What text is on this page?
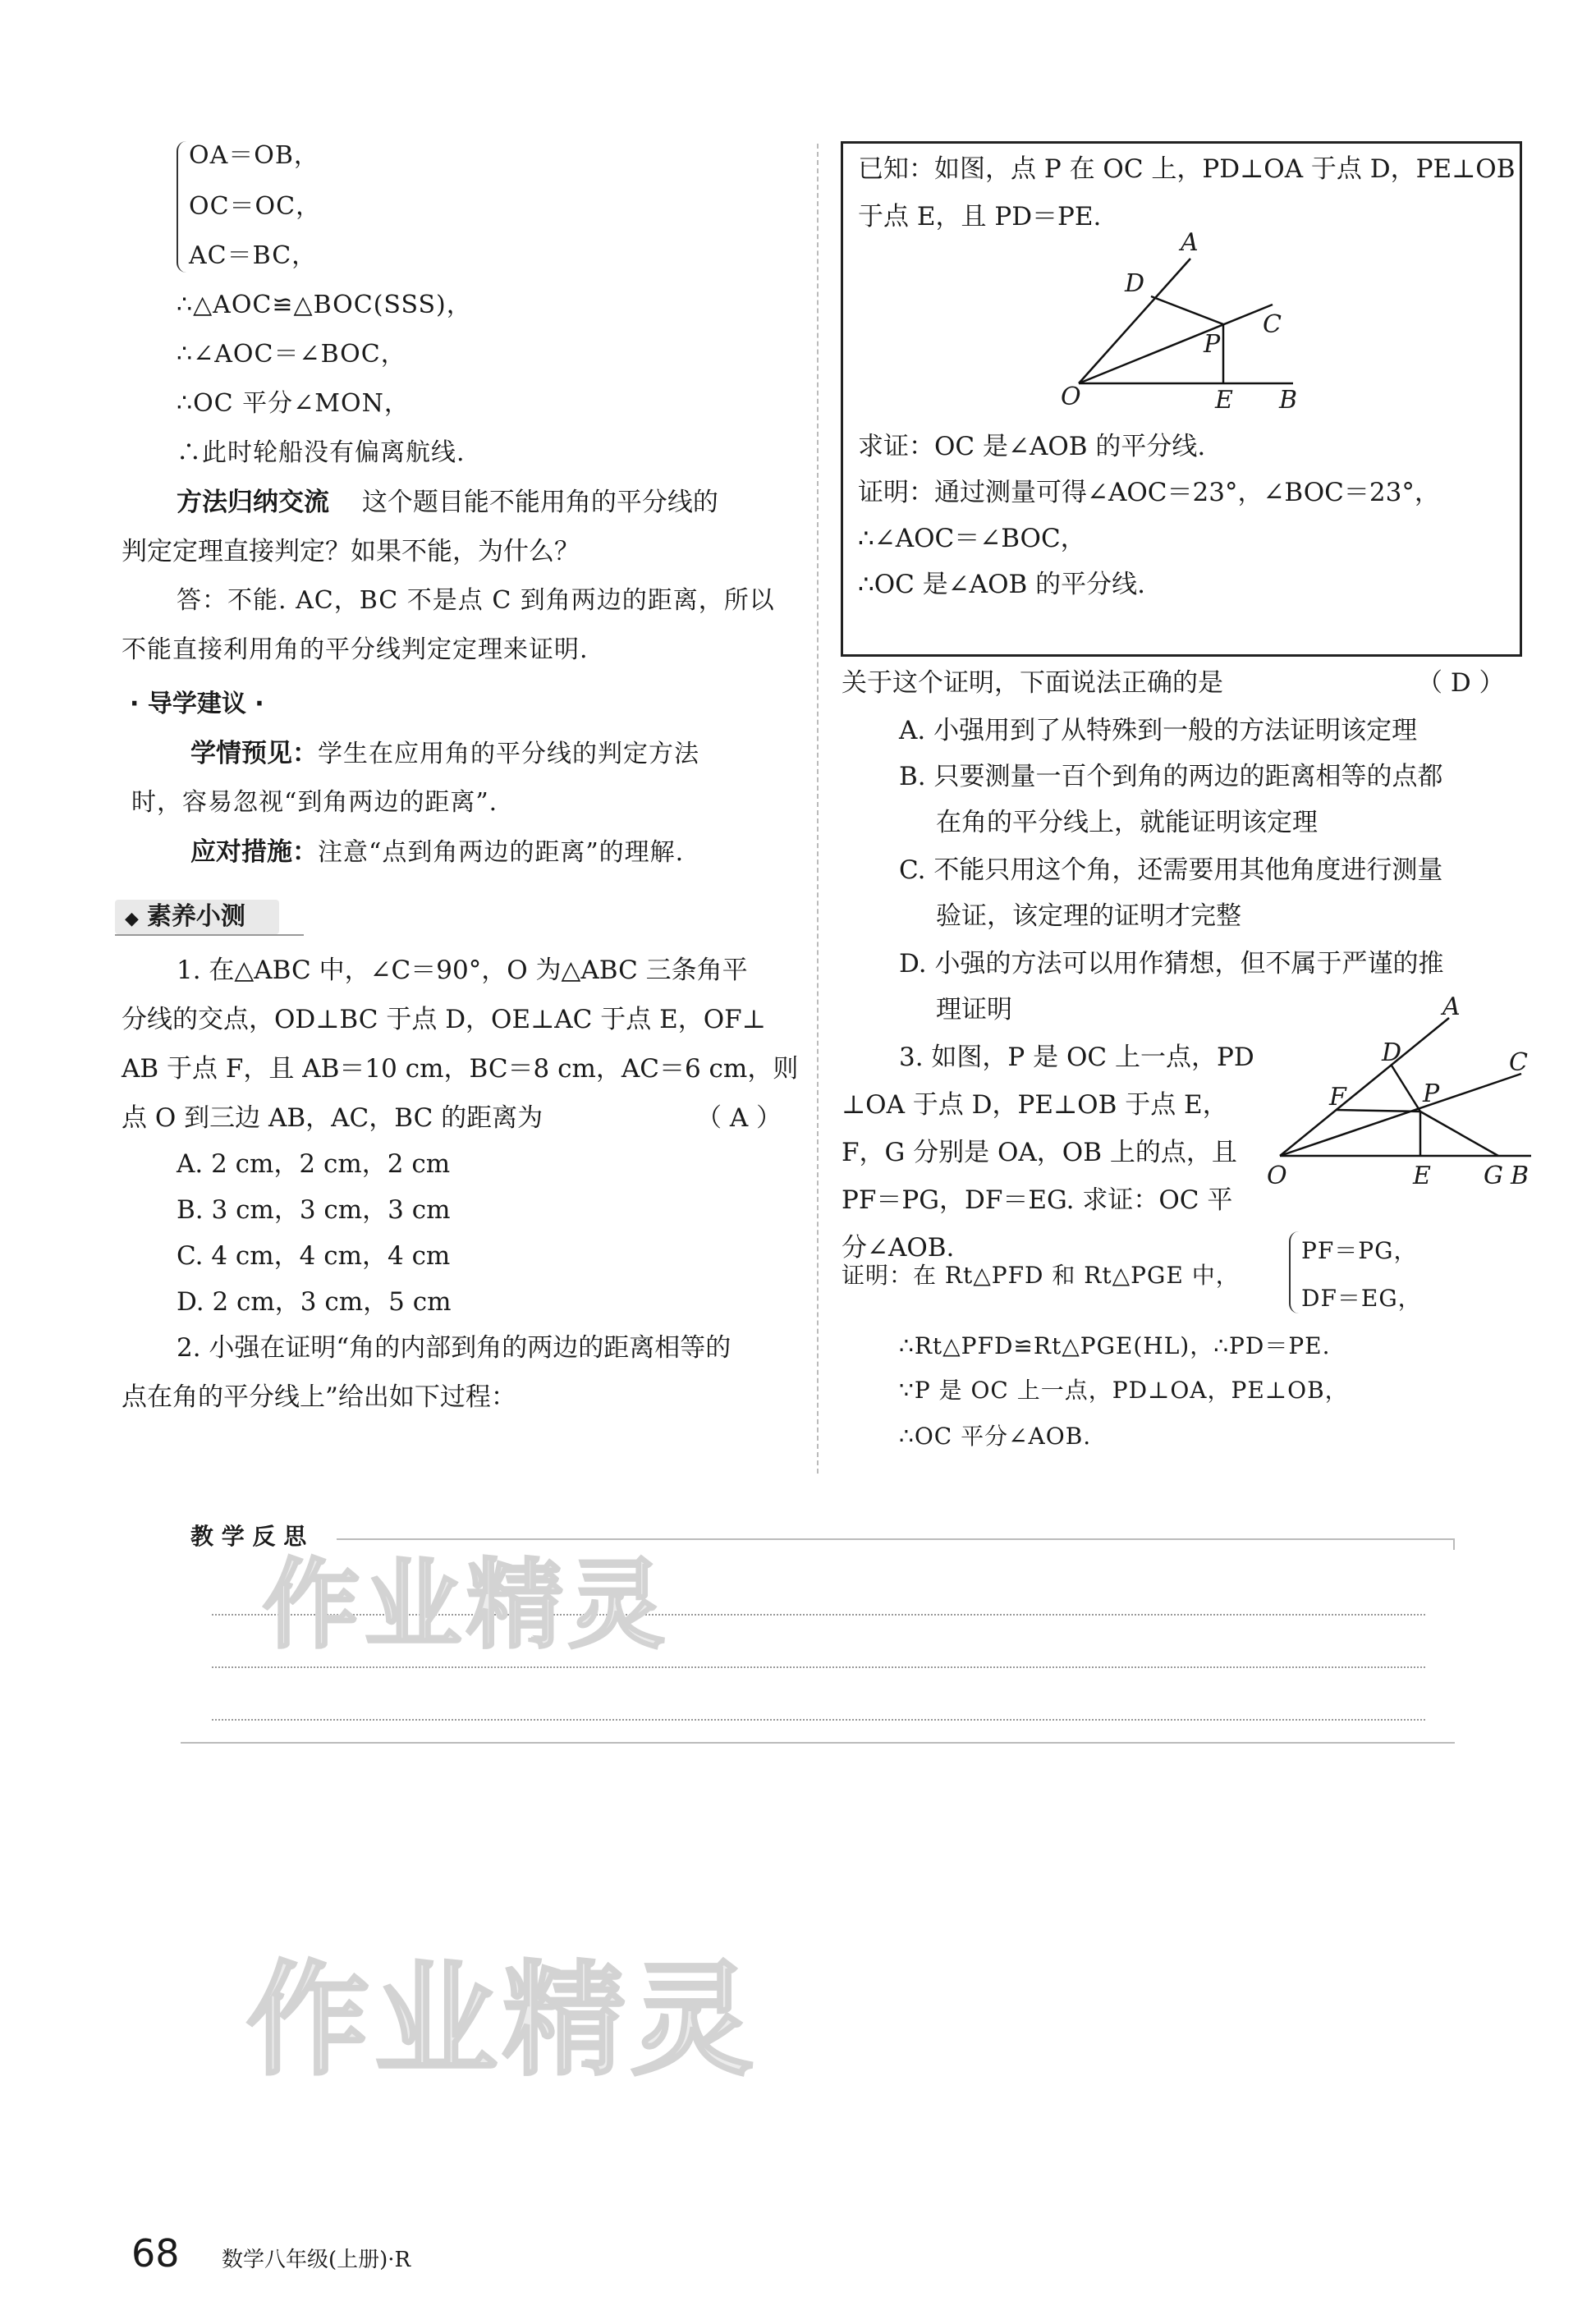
OA＝OB，
OC＝OC，
AC＝BC，
∴△AOC≌△BOC(SSS)，
∴∠AOC＝∠BOC，
∴OC 平分∠MON，
∴此时轮船没有偏离航线.
方法归纳交流 这个题目能不能用角的平分线的
判定定理直接判定？如果不能，为什么？
答：不能. AC，BC 不是点 C 到角两边的距离，所以
不能直接利用角的平分线判定定理来证明.
· 导学建议 ·
学情预见：学生在应用角的平分线的判定方法
时，容易忽视“到角两边的距离”.
应对措施：注意“点到角两边的距离”的理解.
◆ 素养小测
1. 在△ABC 中，∠C＝90°，O 为△ABC 三条角平
分线的交点，OD⊥BC 于点 D，OE⊥AC 于点 E，OF⊥
AB 于点 F，且 AB＝10 cm，BC＝8 cm，AC＝6 cm，则
点 O 到三边 AB，AC，BC 的距离为	（ A ）
A. 2 cm，2 cm，2 cm
B. 3 cm，3 cm，3 cm
C. 4 cm，4 cm，4 cm
D. 2 cm，3 cm，5 cm
2. 小强在证明“角的内部到角的两边的距离相等的
点在角的平分线上”给出如下过程：
已知：如图，点 P 在 OC 上，PD⊥OA 于点 D，PE⊥OB
于点 E，且 PD＝PE.
A
D
C
P
O	E B
求证：OC 是∠AOB 的平分线.
证明：通过测量可得∠AOC＝23°，∠BOC＝23°，
∴∠AOC＝∠BOC，
∴OC 是∠AOB 的平分线.
关于这个证明，下面说法正确的是	（ D ）
A. 小强用到了从特殊到一般的方法证明该定理
B. 只要测量一百个到角的两边的距离相等的点都
在角的平分线上，就能证明该定理
C. 不能只用这个角，还需要用其他角度进行测量
验证，该定理的证明才完整
D. 小强的方法可以用作猜想，但不属于严谨的推
理证明
3. 如图，P 是 OC 上一点，PD
⊥OA 于点 D，PE⊥OB 于点 E，
F，G 分别是 OA，OB 上的点，且
PF＝PG，DF＝EG. 求证：OC 平
分∠AOB.
A
D	C
F	P
O	E G B
证明：在 Rt△PFD 和 Rt△PGE 中，
PF＝PG，
DF＝EG，
∴Rt△PFD≌Rt△PGE(HL)，∴PD＝PE.
∵P 是 OC 上一点，PD⊥OA，PE⊥OB，
∴OC 平分∠AOB.
教 学 反 思
作业精灵
作业精灵
68 数学八年级(上册)·R
